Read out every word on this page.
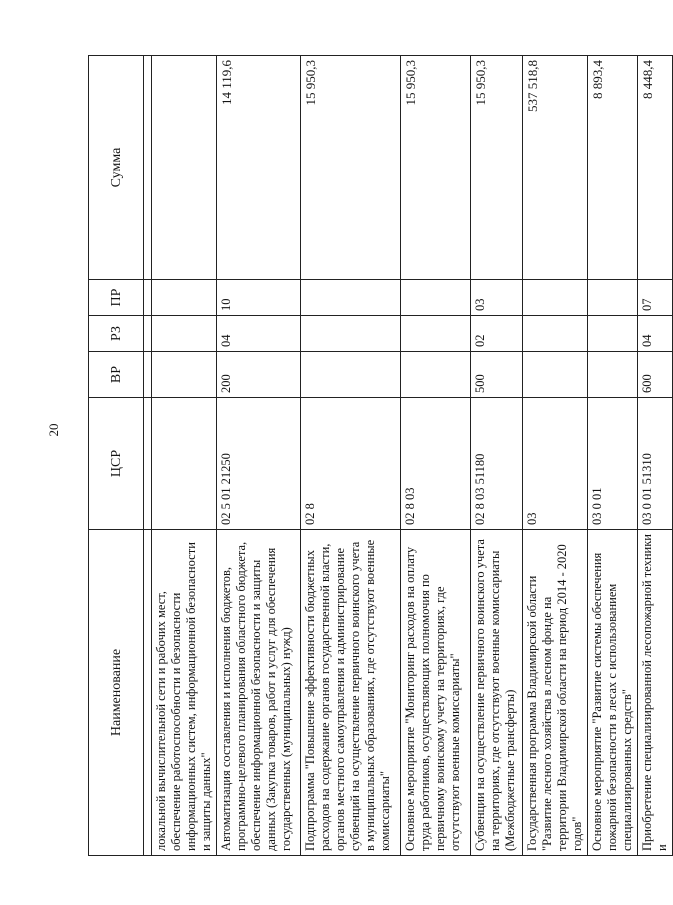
20
Наименование	ЦСР	ВР	РЗ	ПР	Сумма

локальной вычислительной сети и рабочих мест, обеспечение работоспособности и безопасности информационных систем, информационной безопасности и защиты данных"					
Автоматизация составления и исполнения бюджетов, программно-целевого планирования областного бюджета, обеспечение информационной безопасности и защиты данных (Закупка товаров, работ и услуг для обеспечения государственных (муниципальных) нужд)	02 5 01 21250	200	04	10	14 119,6
Подпрограмма "Повышение эффективности бюджетных расходов на содержание органов государственной власти, органов местного самоуправления и администрирование субвенций на осуществление первичного воинского учета в муниципальных образованиях, где отсутствуют военные комиссариаты"	02 8				15 950,3
Основное мероприятие "Мониторинг расходов на оплату труда работников, осуществляющих полномочия по первичному воинскому учету на территориях, где отсутствуют военные комиссариаты"	02 8 03				15 950,3
Субвенции на осуществление первичного воинского учета на территориях, где отсутствуют военные комиссариаты (Межбюджетные трансферты)	02 8 03 51180	500	02	03	15 950,3
Государственная программа Владимирской области "Развитие лесного хозяйства в лесном фонде на территории Владимирской области на период 2014 - 2020 годов"	03				537 518,8
Основное мероприятие "Развитие системы обеспечения пожарной безопасности в лесах с использованием специализированных средств"	03 0 01				8 893,4
Приобретение специализированной лесопожарной техники и	03 0 01 51310	600	04	07	8 448,4
